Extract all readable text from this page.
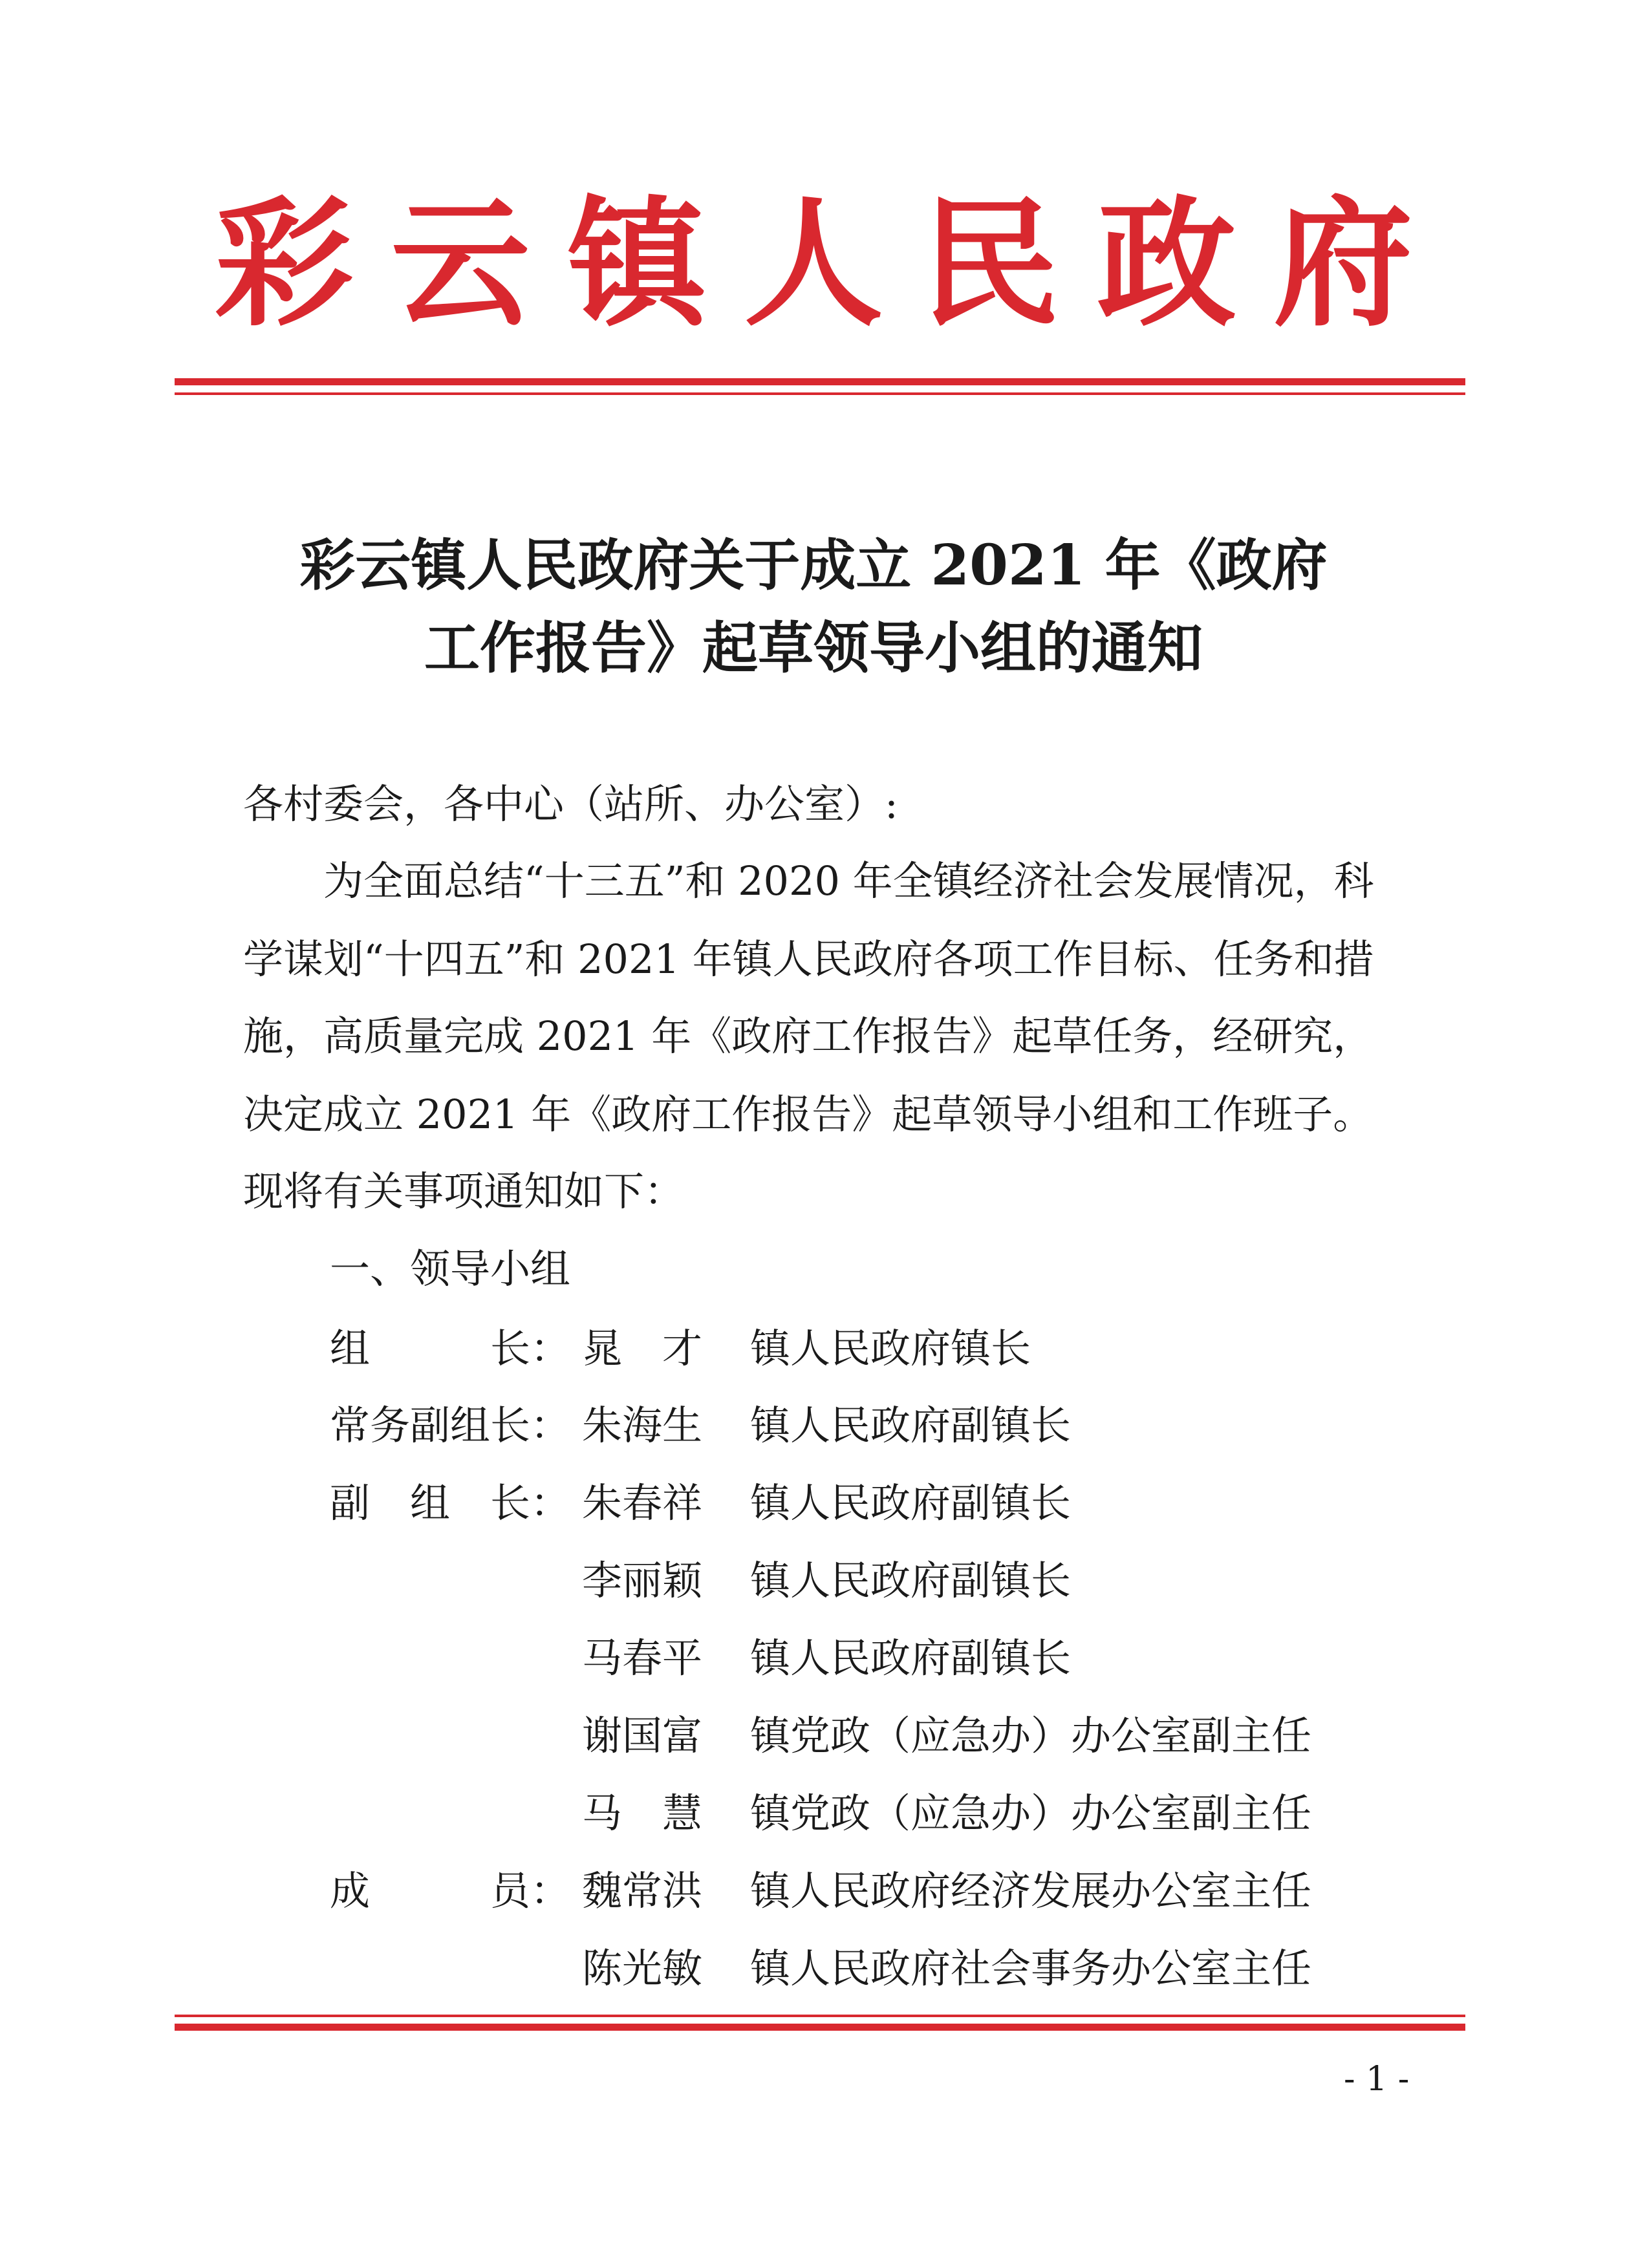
彩云镇人民政府
彩云镇人民政府关于成立 2021 年《政府
工作报告》起草领导小组的通知
各村委会，各中心（站所、办公室）:
为全面总结“十三五”和 2020 年全镇经济社会发展情况，科
学谋划“十四五”和 2021 年镇人民政府各项工作目标、任务和措
施，高质量完成 2021 年《政府工作报告》起草任务，经研究，
决定成立 2021 年《政府工作报告》起草领导小组和工作班子。
现将有关事项通知如下：
一、领导小组
组　　　长： 晁　才 镇人民政府镇长
常务副组长： 朱海生 镇人民政府副镇长
副　组　长： 朱春祥 镇人民政府副镇长
李丽颖 镇人民政府副镇长
马春平 镇人民政府副镇长
谢国富 镇党政（应急办）办公室副主任
马　慧 镇党政（应急办）办公室副主任
成　　　员： 魏常洪 镇人民政府经济发展办公室主任
陈光敏 镇人民政府社会事务办公室主任
- 1 -
